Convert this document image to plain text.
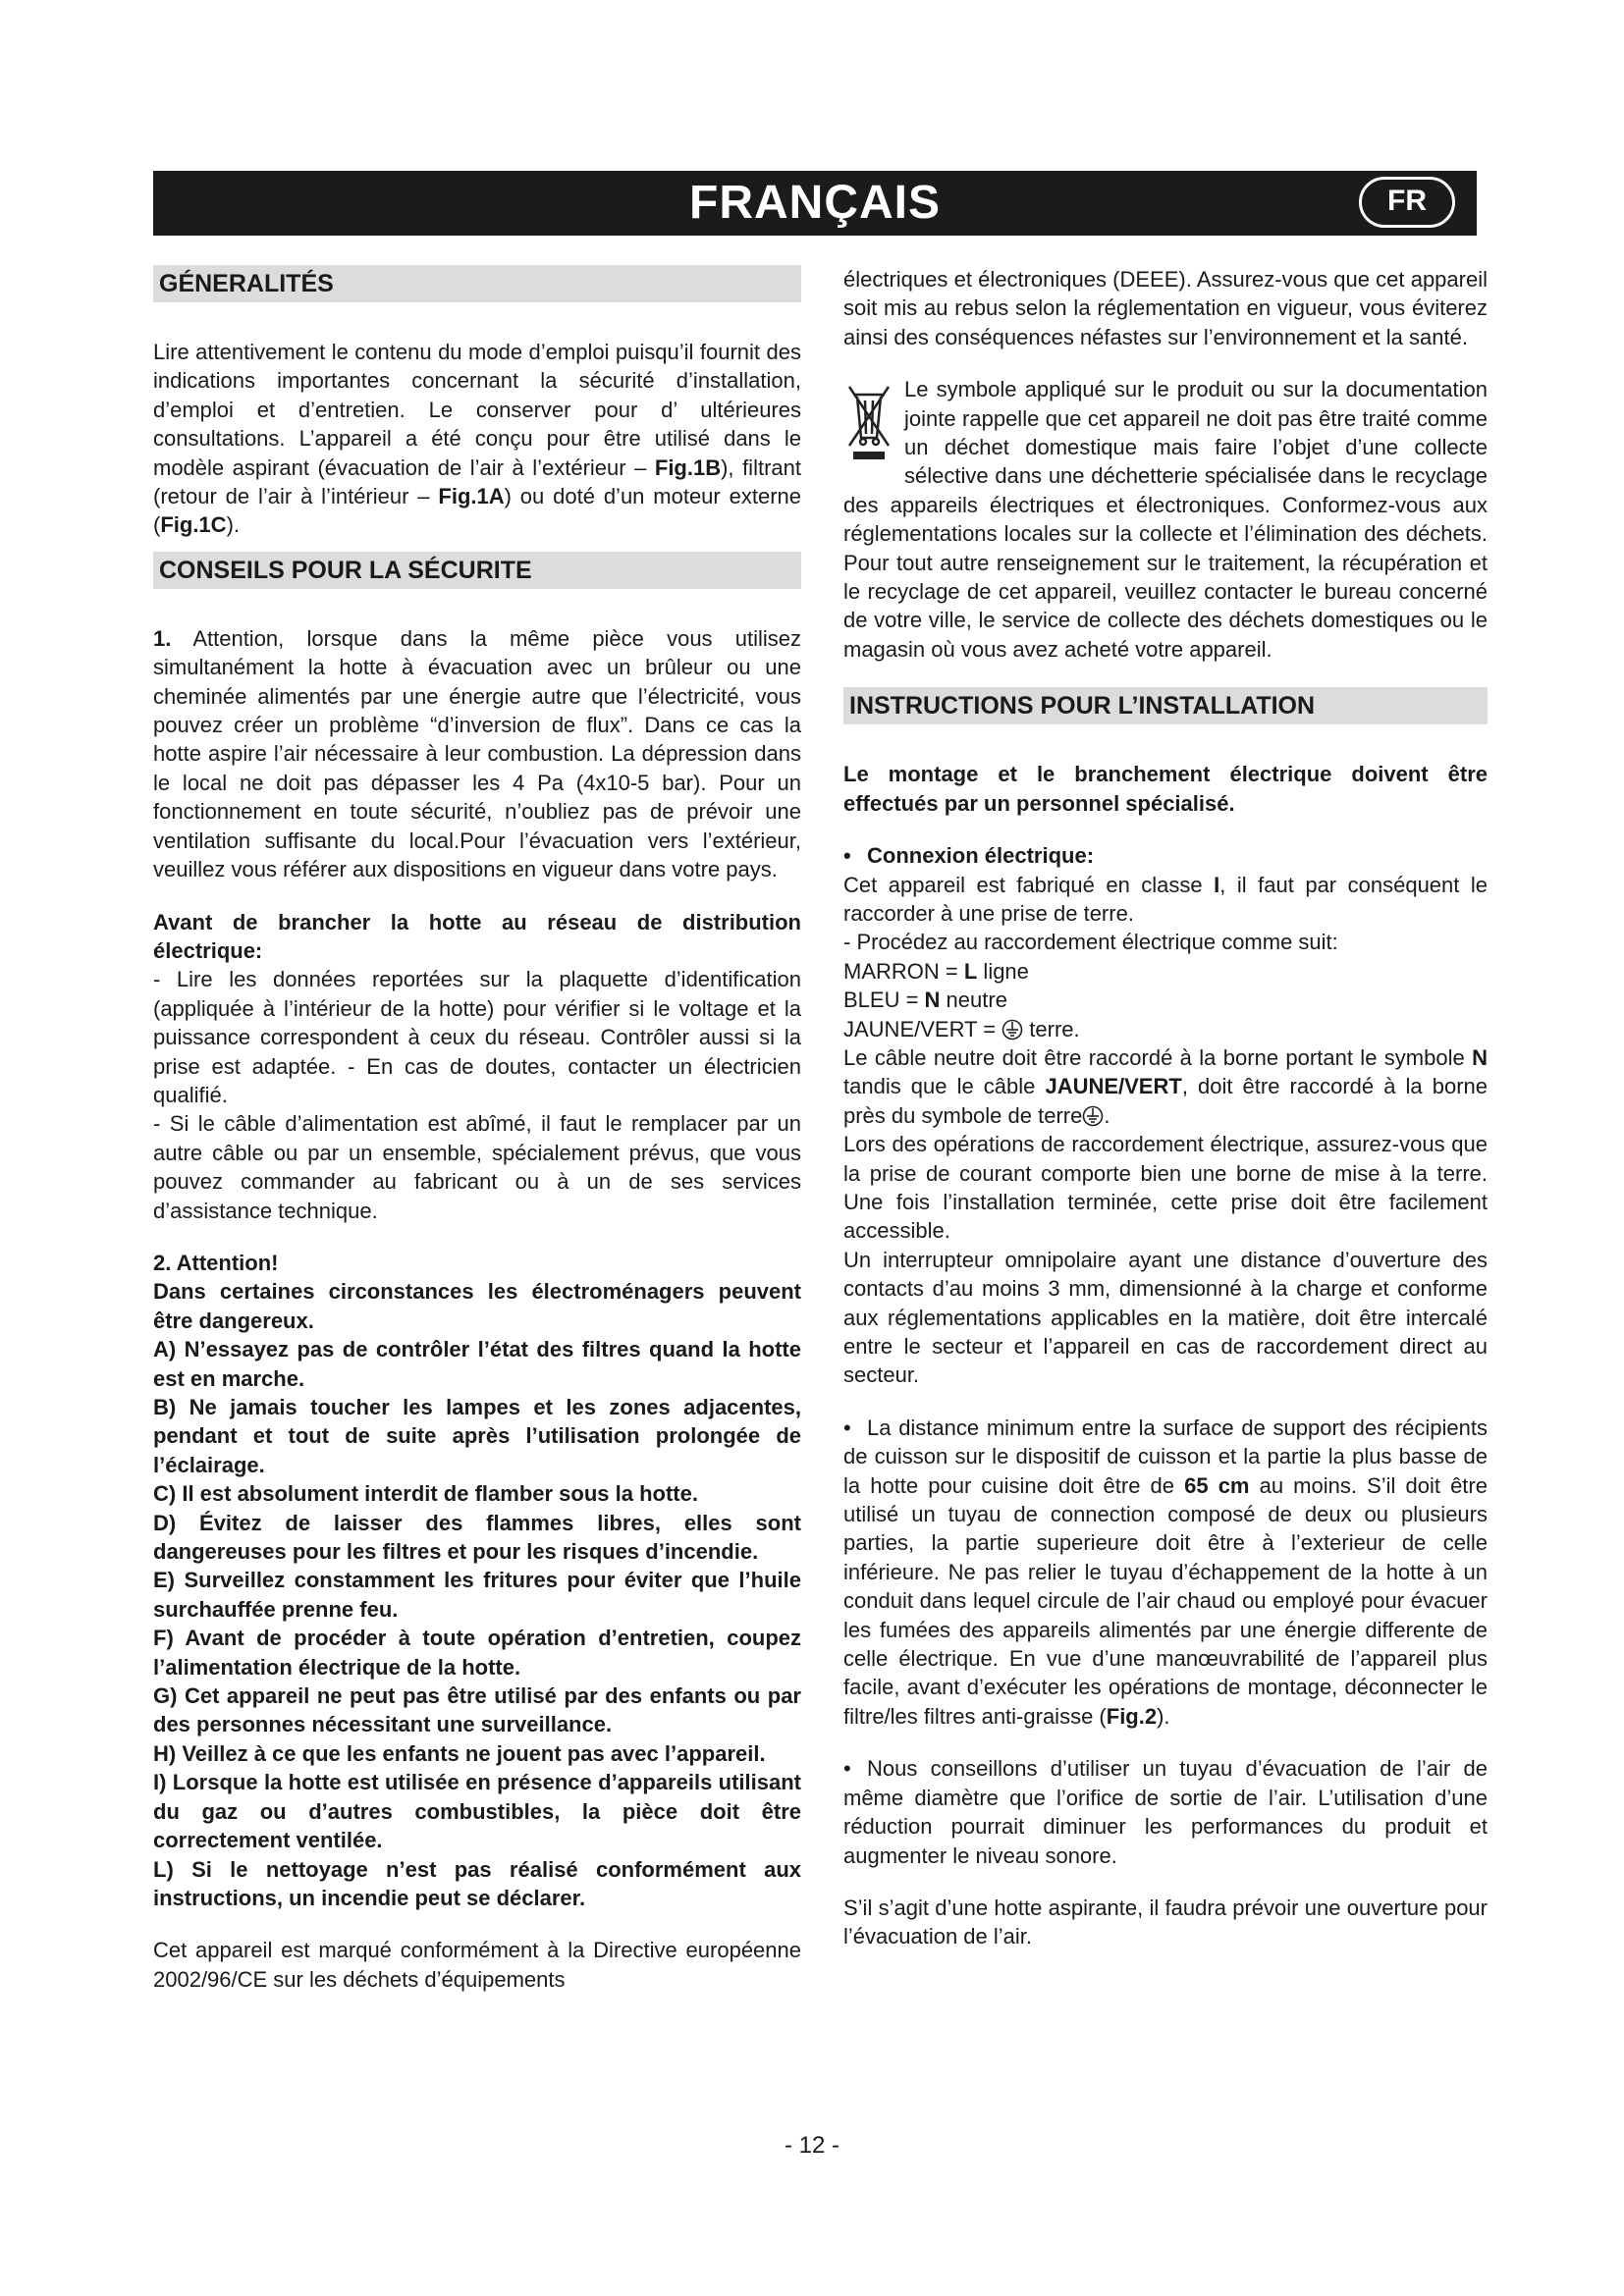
FRANÇAIS	FR
GÉNERALITÉS

Lire attentivement le contenu du mode d’emploi puisqu’il fournit des indications importantes concernant la sécurité d’installation, d’emploi et d’entretien. Le conserver pour d’ ultérieures consultations. L’appareil a été conçu pour être utilisé dans le modèle aspirant (évacuation de l’air à l’extérieur – Fig.1B), filtrant (retour de l’air à l’intérieur – Fig.1A) ou doté d’un moteur externe (Fig.1C).

CONSEILS POUR LA SÉCURITE

1. Attention, lorsque dans la même pièce vous utilisez simultanément la hotte à évacuation avec un brûleur ou une cheminée alimentés par une énergie autre que l’électricité, vous pouvez créer un problème “d’inversion de flux”. Dans ce cas la hotte aspire l’air nécessaire à leur combustion. La dépression dans le local ne doit pas dépasser les 4 Pa (4x10-5 bar). Pour un fonctionnement en toute sécurité, n’oubliez pas de prévoir une ventilation suffisante du local.Pour l’évacuation vers l’extérieur, veuillez vous référer aux dispositions en vigueur dans votre pays.

Avant de brancher la hotte au réseau de distribution électrique:

- Lire les données reportées sur la plaquette d’identification (appliquée à l’intérieur de la hotte) pour vérifier si le voltage et la puissance correspondent à ceux du réseau. Contrôler aussi si la prise est adaptée. - En cas de doutes, contacter un électricien qualifié.

- Si le câble d’alimentation est abîmé, il faut le remplacer par un autre câble ou par un ensemble, spécialement prévus, que vous pouvez commander au fabricant ou à un de ses services d’assistance technique.

2. Attention!

Dans certaines circonstances les électroménagers peuvent être dangereux.

A) N’essayez pas de contrôler l’état des filtres quand la hotte est en marche.

B) Ne jamais toucher les lampes et les zones adjacentes, pendant et tout de suite après l’utilisation prolongée de l’éclairage.

C) Il est absolument interdit de flamber sous la hotte.

D) Évitez de laisser des flammes libres, elles sont dangereuses pour les filtres et pour les risques d’incendie.

E) Surveillez constamment les fritures pour éviter que l’huile surchauffée prenne feu.

F) Avant de procéder à toute opération d’entretien, coupez l’alimentation électrique de la hotte.

G) Cet appareil ne peut pas être utilisé par des enfants ou par des personnes nécessitant une surveillance.

H) Veillez à ce que les enfants ne jouent pas avec l’appareil.

I) Lorsque la hotte est utilisée en présence d’appareils utilisant du gaz ou d’autres combustibles, la pièce doit être correctement ventilée.

L) Si le nettoyage n’est pas réalisé conformément aux instructions, un incendie peut se déclarer.

Cet appareil est marqué conformément à la Directive européenne 2002/96/CE sur les déchets d’équipements

électriques et électroniques (DEEE). Assurez-vous que cet appareil soit mis au rebus selon la réglementation en vigueur, vous éviterez ainsi des conséquences néfastes sur l’environnement et la santé.

Le symbole appliqué sur le produit ou sur la documentation jointe rappelle que cet appareil ne doit pas être traité comme un déchet domestique mais faire l’objet d’une collecte sélective dans une déchetterie spécialisée dans le recyclage des appareils électriques et électroniques. Conformez-vous aux réglementations locales sur la collecte et l’élimination des déchets. Pour tout autre renseignement sur le traitement, la récupération et le recyclage de cet appareil, veuillez contacter le bureau concerné de votre ville, le service de collecte des déchets domestiques ou le magasin où vous avez acheté votre appareil.

INSTRUCTIONS POUR L’INSTALLATION

Le montage et le branchement électrique doivent être effectués par un personnel spécialisé.

• Connexion électrique:

Cet appareil est fabriqué en classe I, il faut par conséquent le raccorder à une prise de terre.

- Procédez au raccordement électrique comme suit:

MARRON = L ligne

BLEU = N neutre

JAUNE/VERT =  terre.

Le câble neutre doit être raccordé à la borne portant le symbole N tandis que le câble JAUNE/VERT, doit être raccordé à la borne près du symbole de terre .

Lors des opérations de raccordement électrique, assurez-vous que la prise de courant comporte bien une borne de mise à la terre. Une fois l’installation terminée, cette prise doit être facilement accessible.

Un interrupteur omnipolaire ayant une distance d’ouverture des contacts d’au moins 3 mm, dimensionné à la charge et conforme aux réglementations applicables en la matière, doit être intercalé entre le secteur et l’appareil en cas de raccordement direct au secteur.

• La distance minimum entre la surface de support des récipients de cuisson sur le dispositif de cuisson et la partie la plus basse de la hotte pour cuisine doit être de 65 cm au moins. S’il doit être utilisé un tuyau de connection composé de deux ou plusieurs parties, la partie superieure doit être à l’exterieur de celle inférieure. Ne pas relier le tuyau d’échappement de la hotte à un conduit dans lequel circule de l’air chaud ou employé pour évacuer les fumées des appareils alimentés par une énergie differente de celle électrique. En vue d’une manœuvrabilité de l’appareil plus facile, avant d’exécuter les opérations de montage, déconnecter le filtre/les filtres anti-graisse (Fig.2).

• Nous conseillons d’utiliser un tuyau d’évacuation de l’air de même diamètre que l’orifice de sortie de l’air. L’utilisation d’une réduction pourrait diminuer les performances du produit et augmenter le niveau sonore.

S’il s’agit d’une hotte aspirante, il faudra prévoir une ouverture pour l’évacuation de l’air.

- 12 -
